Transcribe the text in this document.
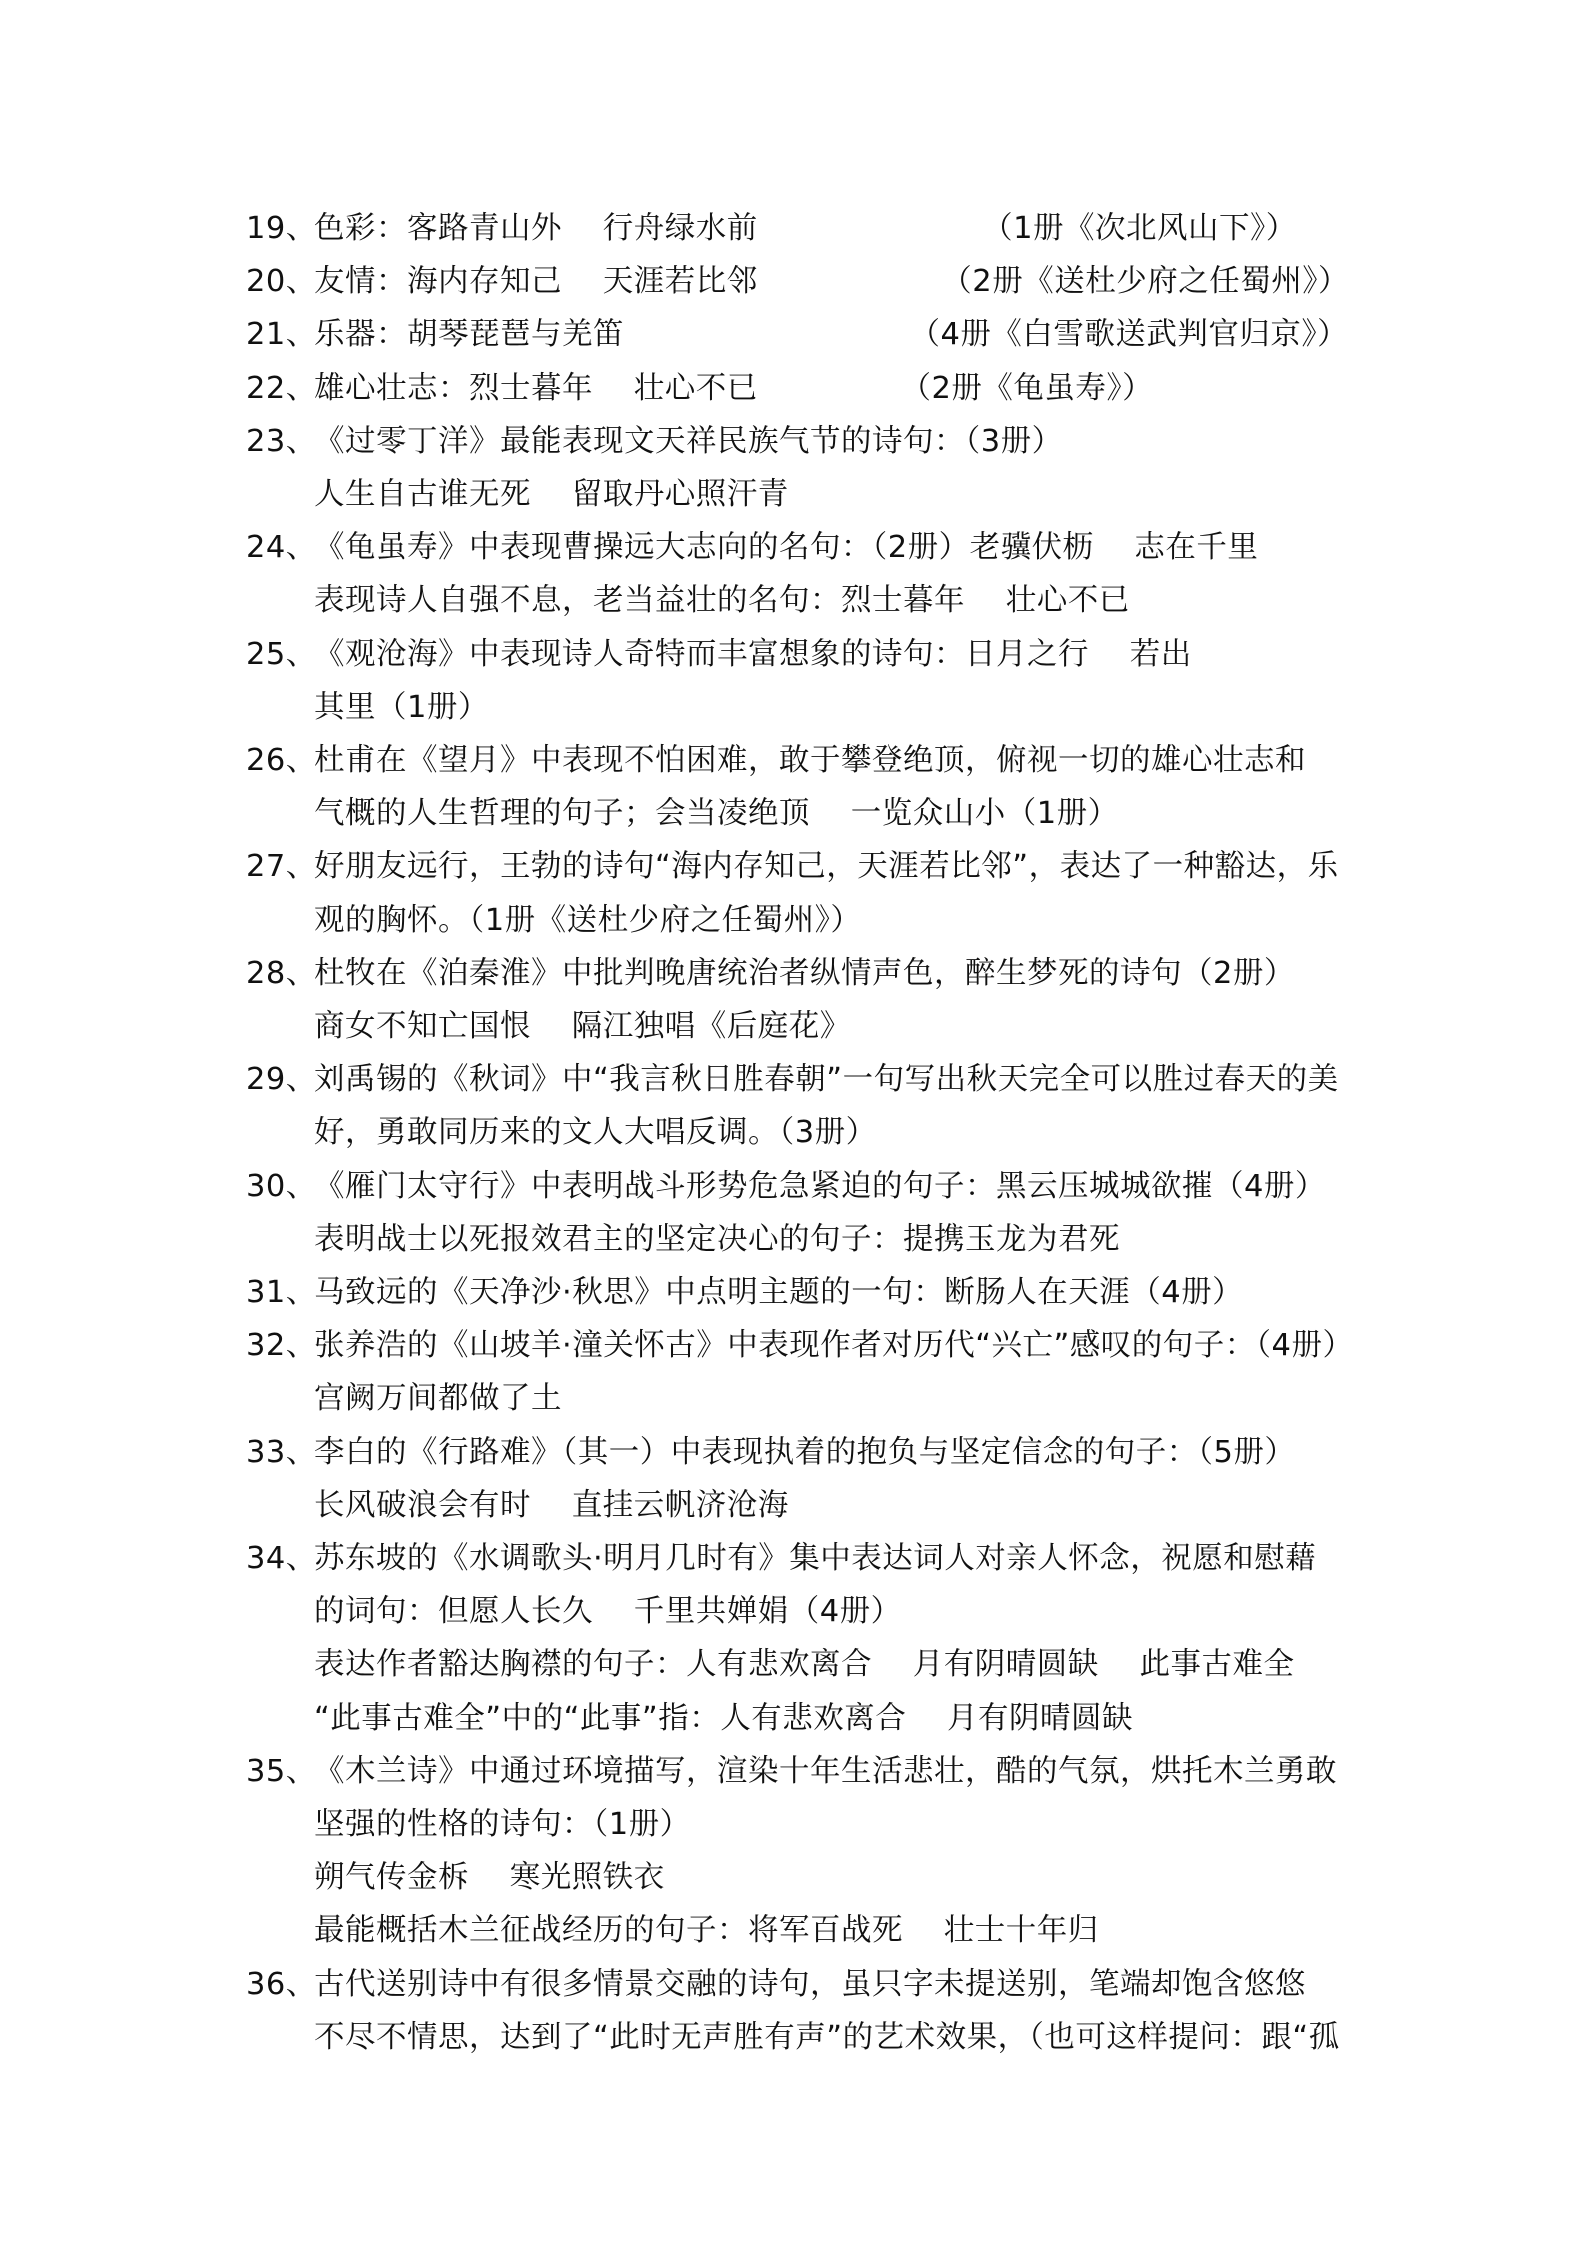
19、
色彩：客路青山外    行舟绿水前                      （1册《次北风山下》）
20、
友情：海内存知己    天涯若比邻                  （2册《送杜少府之任蜀州》）
21、
乐器：胡琴琵琶与羌笛                            （4册《白雪歌送武判官归京》）
22、
雄心壮志：烈士暮年    壮心不已              （2册《龟虽寿》）
23、
《过零丁洋》最能表现文天祥民族气节的诗句：（3册）
人生自古谁无死    留取丹心照汗青
24、
《龟虽寿》中表现曹操远大志向的名句：（2册）老骥伏枥    志在千里
表现诗人自强不息，老当益壮的名句：烈士暮年    壮心不已
25、
《观沧海》中表现诗人奇特而丰富想象的诗句：日月之行    若出
其里（1册）
26、
杜甫在《望月》中表现不怕困难，敢于攀登绝顶，俯视一切的雄心壮志和
气概的人生哲理的句子；会当凌绝顶    一览众山小（1册）
27、
好朋友远行，王勃的诗句“海内存知己，天涯若比邻”，表达了一种豁达，乐
观的胸怀。（1册《送杜少府之任蜀州》）
28、
杜牧在《泊秦淮》中批判晚唐统治者纵情声色，醉生梦死的诗句（2册）
商女不知亡国恨    隔江独唱《后庭花》
29、
刘禹锡的《秋词》中“我言秋日胜春朝”一句写出秋天完全可以胜过春天的美
好，勇敢同历来的文人大唱反调。（3册）
30、
《雁门太守行》中表明战斗形势危急紧迫的句子：黑云压城城欲摧（4册）
表明战士以死报效君主的坚定决心的句子：提携玉龙为君死
31、
马致远的《天净沙·秋思》中点明主题的一句：断肠人在天涯（4册）
32、
张养浩的《山坡羊·潼关怀古》中表现作者对历代“兴亡”感叹的句子：（4册）
宫阙万间都做了土
33、
李白的《行路难》（其一）中表现执着的抱负与坚定信念的句子：（5册）
长风破浪会有时    直挂云帆济沧海
34、
苏东坡的《水调歌头·明月几时有》集中表达词人对亲人怀念，祝愿和慰藉
的词句：但愿人长久    千里共婵娟（4册）
表达作者豁达胸襟的句子：人有悲欢离合    月有阴晴圆缺    此事古难全
“此事古难全”中的“此事”指：人有悲欢离合    月有阴晴圆缺
35、
《木兰诗》中通过环境描写，渲染十年生活悲壮，酷的气氛，烘托木兰勇敢
坚强的性格的诗句：（1册）
朔气传金柝    寒光照铁衣
最能概括木兰征战经历的句子：将军百战死    壮士十年归
36、
古代送别诗中有很多情景交融的诗句，虽只字未提送别，笔端却饱含悠悠
不尽不情思，达到了“此时无声胜有声”的艺术效果，（也可这样提问：跟“孤
